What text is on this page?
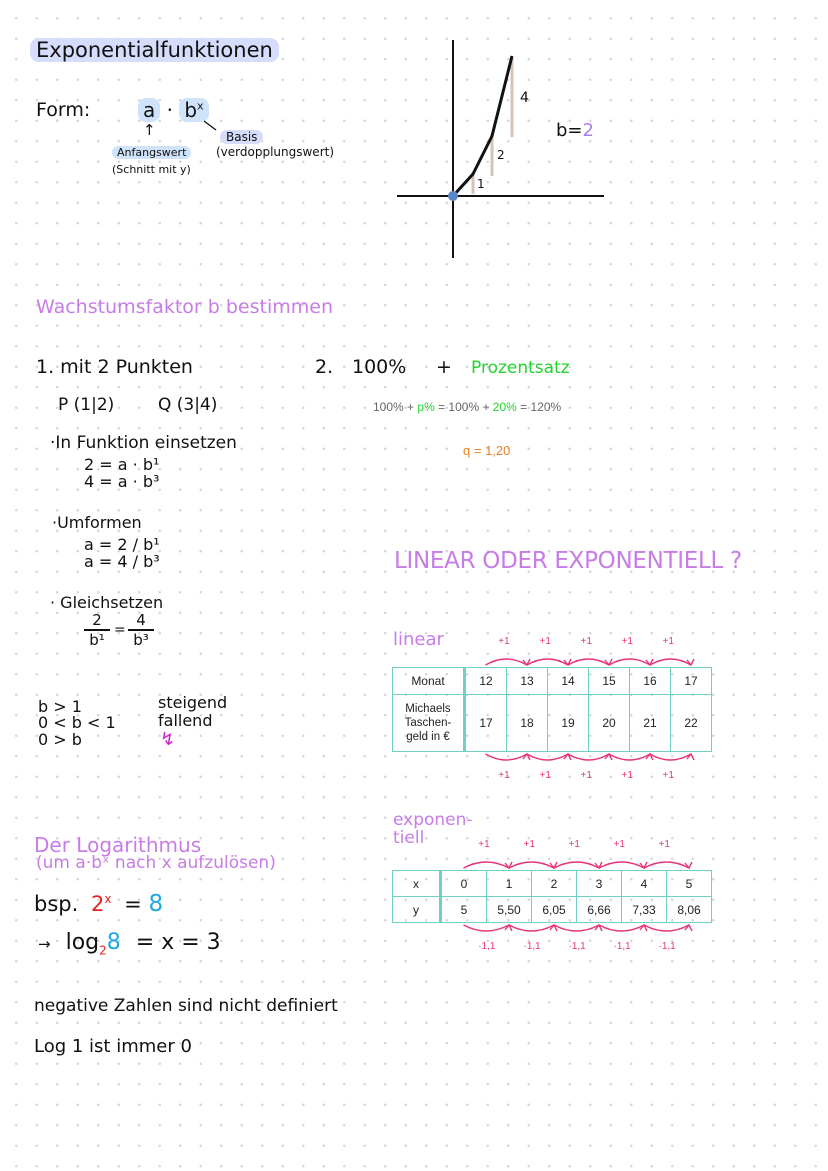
Exponentialfunktionen
Form:	$a \cdot b^x$
↑
Anfangswert
(Schnitt mit y)
Basis
(verdopplungswert)
1
2
4
b=2
Wachstumsfaktor b bestimmen
1. mit 2 Punkten
P (1|2)	Q (3|4)
·In Funktion einsetzen
2 = a · b¹
4 = a · b³
·Umformen
a = 2 / b¹
a = 4 / b³
· Gleichsetzen
2
b¹
=
4
b³
b > 1	steigend
0 < b < 1	fallend
0 > b	↯
2. 100% + Prozentsatz
100% + p% = 100% + 20% = 120%
q = 1,20
LINEAR ODER EXPONENTIELL ?
linear
Monat	12	13	14	15	16	17

Michaels
Taschen-
geld in €	17	18	19	20	21	22
exponen-
tiell
x	0	1	2	3	4	5
y	5	5,50	6,05	6,66	7,33	8,06
+1	+1	+1	+1	+1
+1	+1	+1	+1	+1
+1	+1	+1	+1	+1
·1,1	·1,1	·1,1	·1,1	·1,1
Der Logarithmus
(um a·bˣ nach x aufzulösen)
bsp. $2^x = 8$
→ $\log_28 = x = 3$
negative Zahlen sind nicht definiert
Log 1 ist immer 0
